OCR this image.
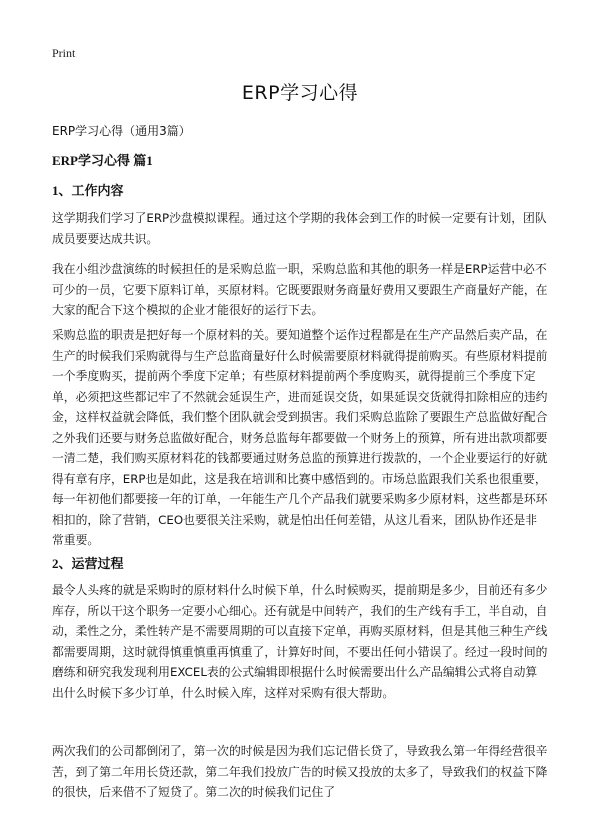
Print
ERP学习心得

ERP学习心得（通用3篇）

ERP学习心得 篇1
1、工作内容

这学期我们学习了ERP沙盘模拟课程。通过这个学期的我体会到工作的时候一定要有计划，团队成员要要达成共识。

我在小组沙盘演练的时候担任的是采购总监一职，采购总监和其他的职务一样是ERP运营中必不可少的一员，它要下原料订单，买原材料。它既要跟财务商量好费用又要跟生产商量好产能，在大家的配合下这个模拟的企业才能很好的运行下去。

采购总监的职责是把好每一个原材料的关。要知道整个运作过程都是在生产产品然后卖产品，在生产的时候我们采购就得与生产总监商量好什么时候需要原材料就得提前购买。有些原材料提前一个季度购买，提前两个季度下定单；有些原材料提前两个季度购买，就得提前三个季度下定单，必须把这些都记牢了不然就会延误生产，进而延误交货，如果延误交货就得扣除相应的违约金，这样权益就会降低，我们整个团队就会受到损害。我们采购总监除了要跟生产总监做好配合之外我们还要与财务总监做好配合，财务总监每年都要做一个财务上的预算，所有进出款项都要一清二楚，我们购买原材料花的钱都要通过财务总监的预算进行拨款的，一个企业要运行的好就得有章有序，ERP也是如此，这是我在培训和比赛中感悟到的。市场总监跟我们关系也很重要，每一年初他们都要接一年的订单，一年能生产几个产品我们就要采购多少原材料，这些都是环环相扣的，除了营销，CEO也要很关注采购，就是怕出任何差错，从这儿看来，团队协作还是非常重要。

2、运营过程

最令人头疼的就是采购时的原材料什么时候下单，什么时候购买，提前期是多少，目前还有多少库存，所以干这个职务一定要小心细心。还有就是中间转产，我们的生产线有手工，半自动，自动，柔性之分，柔性转产是不需要周期的可以直接下定单，再购买原材料，但是其他三种生产线都需要周期，这时就得慎重慎重再慎重了，计算好时间，不要出任何小错误了。经过一段时间的磨练和研究我发现利用EXCEL表的公式编辑即根据什么时候需要出什么产品编辑公式将自动算出什么时候下多少订单，什么时候入库，这样对采购有很大帮助。

两次我们的公司都倒闭了，第一次的时候是因为我们忘记借长贷了，导致我么第一年得经营很辛苦，到了第二年用长贷还款，第二年我们投放广告的时候又投放的太多了，导致我们的权益下降的很快，后来借不了短贷了。第二次的时候我们记住了
